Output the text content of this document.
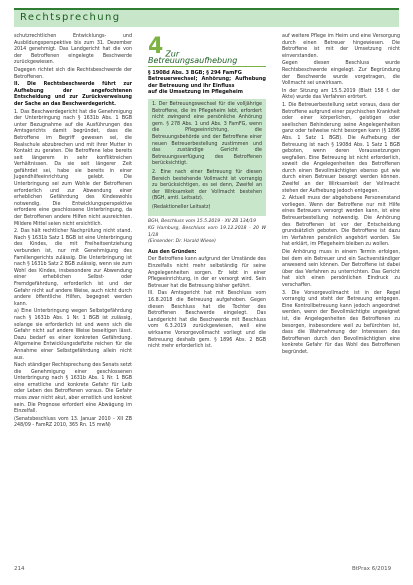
Rechtsprechung

schutzrechtlichen Entwicklungs- und Ausbildungsperspektive bis zum 31. Dezember 2014 genehmigt. Das Landgericht hat die von der Betroffenen eingelegte Beschwerde zurückgewiesen.

Dagegen richtet sich die Rechtsbeschwerde der Betroffenen.

II. Die Rechtsbeschwerde führt zur Aufhebung der angefochtenen Entscheidung und zur Zurückverweisung der Sache an das Beschwerdegericht.

1. Das Beschwerdegericht hat die Genehmigung der Unterbringung nach § 1631b Abs. 1 BGB unter Bezugnahme auf die Ausführungen des Amtsgerichts damit begründet, dass die Betroffene im Begriff gewesen sei, die Realschule abzubrechen und mit ihrer Mutter in Kontakt zu geraten. Die Betroffene lebe bereits seit längerem in sehr konfliktreichen Verhältnissen. Da sie seit längerer Zeit gefährdet sei, habe sie bereits in einer Jugendhilfeeinrichtung gelebt. Die Unterbringung sei zum Wohle der Betroffenen erforderlich und zur Abwendung einer erheblichen Gefährdung des Kindeswohls notwendig. Die Entwicklungsperspektive erfordere eine geschlossene Unterbringung, da der Betroffenen andere Hilfen nicht ausreichten. Mildere Mittel seien nicht ersichtlich.

2. Das hält rechtlicher Nachprüfung nicht stand. Nach § 1631b Satz 1 BGB ist eine Unterbringung des Kindes, die mit Freiheitsentziehung verbunden ist, nur mit Genehmigung des Familiengerichts zulässig. Die Unterbringung ist nach § 1631b Satz 2 BGB zulässig, wenn sie zum Wohl des Kindes, insbesondere zur Abwendung einer erheblichen Selbst- oder Fremdgefährdung, erforderlich ist und der Gefahr nicht auf andere Weise, auch nicht durch andere öffentliche Hilfen, begegnet werden kann.

a) Eine Unterbringung wegen Selbstgefährdung nach § 1631b Abs. 1 Nr. 1 BGB ist zulässig, solange sie erforderlich ist und wenn sich die Gefahr nicht auf andere Weise beseitigen lässt. Dazu bedarf es einer konkreten Gefährdung. Allgemeine Entwicklungsdefizite reichen für die Annahme einer Selbstgefährdung allein nicht aus.

Nach ständiger Rechtsprechung des Senats setzt die Genehmigung einer geschlossenen Unterbringung nach § 1631b Abs. 1 Nr. 1 BGB eine ernstliche und konkrete Gefahr für Leib oder Leben des Betroffenen voraus. Die Gefahr muss zwar nicht akut, aber ernstlich und konkret sein. Die Prognose erfordert eine Abwägung im Einzelfall.

(Senatsbeschluss vom 13. Januar 2010 - XII ZB 248/09 - FamRZ 2010, 365 Rn. 15 mwN)

4 Zur Betreuungsaufhebung
§ 1908d Abs. 3 BGB; § 294 FamFG
Betreuerwechsel; Anhörung; Aufhebung der Betreuung und ihr Einfluss
auf die Umsetzung im Pflegeheim

1. Der Betreuungswechsel für die volljährige Betroffene, die im Pflegeheim lebt, erfordert nicht zwingend eine persönliche Anhörung gem. § 278 Abs. 1 und Abs. 3 FamFG, wenn die Pflegeeinrichtung, die Betreuungsbehörde und der Betroffene einer neuen Betreuerbestellung zustimmen und das zuständige Gericht die Betreuungsverfügung des Betroffenen berücksichtigt.

2. Eine nach einer Betreuung für diesen Bereich bestehende Vollmacht ist vorrangig zu berücksichtigen, es sei denn, Zweifel an der Wirksamkeit der Vollmacht bestehen (BGH, amtl. Leitsatz).

(Redaktioneller Leitsatz)

BGH, Beschluss vom 15.5.2019 - XII ZB 134/19
KG Hamburg, Beschluss vom 19.12.2018 - 20 W 1/18
(Einsender: Dr. Harald Wiese)

Aus den Gründen:

Der Betroffene kann aufgrund der Umstände des Einzelfalls nicht mehr selbständig für seine Angelegenheiten sorgen. Er lebt in einer Pflegeeinrichtung, in der er versorgt wird. Sein Betreuer hat die Betreuung bisher geführt.

III. Das Amtsgericht hat mit Beschluss vom 16.8.2018 die Betreuung aufgehoben. Gegen diesen Beschluss hat die Tochter des Betroffenen Beschwerde eingelegt. Das Landgericht hat die Beschwerde mit Beschluss vom 6.3.2019 zurückgewiesen, weil eine wirksame Vorsorgevollmacht vorliegt und die Betreuung deshalb gem. § 1896 Abs. 2 BGB nicht mehr erforderlich ist.

auf weitere Pflege im Heim und eine Versorgung durch einen Betreuer hingewiesen. Die Betroffene ist mit der Umsetzung nicht einverstanden.

Gegen diesen Beschluss wurde Rechtsbeschwerde eingelegt. Zur Begründung der Beschwerde wurde vorgetragen, die Vollmacht sei unwirksam.

In der Sitzung am 15.5.2019 (Blatt 158 f. der Akte) wurde das Verfahren erörtert.

1. Die Betreuerbestellung setzt voraus, dass der Betroffene aufgrund einer psychischen Krankheit oder einer körperlichen, geistigen oder seelischen Behinderung seine Angelegenheiten ganz oder teilweise nicht besorgen kann (§ 1896 Abs. 1 Satz 1 BGB). Die Aufhebung der Betreuung ist nach § 1908d Abs. 1 Satz 1 BGB geboten, wenn deren Voraussetzungen wegfallen. Eine Betreuung ist nicht erforderlich, soweit die Angelegenheiten des Betroffenen durch einen Bevollmächtigten ebenso gut wie durch einen Betreuer besorgt werden können. Zweifel an der Wirksamkeit der Vollmacht stehen der Aufhebung jedoch entgegen.

2. Aktuell muss der abgehobene Personenstand vorliegen. Wenn der Betroffene nur mit Hilfe eines Betreuers versorgt werden kann, ist eine Betreuerbestellung notwendig. Die Anhörung des Betroffenen ist vor der Entscheidung grundsätzlich geboten. Die Betroffene ist dazu im Verfahren persönlich angehört worden. Sie hat erklärt, im Pflegeheim bleiben zu wollen.

Die Anhörung muss in einem Termin erfolgen, bei dem ein Betreuer und ein Sachverständiger anwesend sein können. Der Betroffene ist dabei über das Verfahren zu unterrichten. Das Gericht hat sich einen persönlichen Eindruck zu verschaffen.

3. Die Vorsorgevollmacht ist in der Regel vorrangig und steht der Betreuung entgegen. Eine Kontrollbetreuung kann jedoch angeordnet werden, wenn der Bevollmächtigte ungeeignet ist, die Angelegenheiten des Betroffenen zu besorgen, insbesondere weil zu befürchten ist, dass die Wahrnehmung der Interessen des Betroffenen durch den Bevollmächtigten eine konkrete Gefahr für das Wohl des Betroffenen begründet.

214	BtPrax 6/2019
